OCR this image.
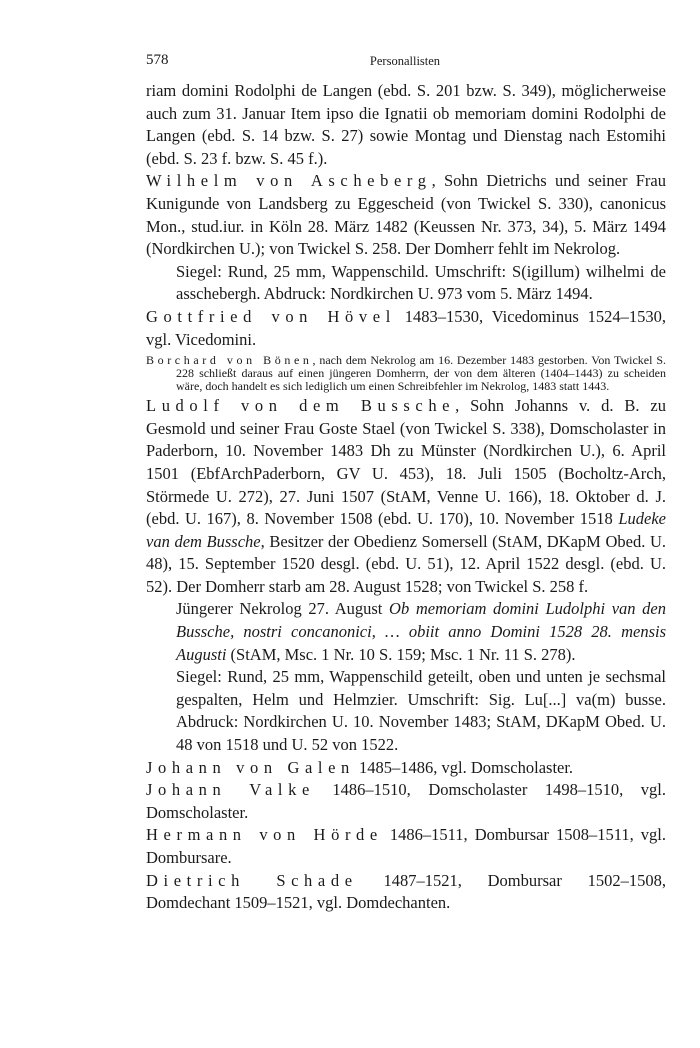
578	Personallisten

riam domini Rodolphi de Langen (ebd. S. 201 bzw. S. 349), möglicherweise auch zum 31. Januar Item ipso die Ignatii ob memoriam domini Rodolphi de Langen (ebd. S. 14 bzw. S. 27) sowie Montag und Dienstag nach Estomihi (ebd. S. 23 f. bzw. S. 45 f.).

Wilhelm von Ascheberg, Sohn Dietrichs und seiner Frau Kunigunde von Landsberg zu Eggescheid (von Twickel S. 330), canonicus Mon., stud.iur. in Köln 28. März 1482 (Keussen Nr. 373, 34), 5. März 1494 (Nordkirchen U.); von Twickel S. 258. Der Domherr fehlt im Nekrolog.
Siegel: Rund, 25 mm, Wappenschild. Umschrift: S(igillum) wilhelmi de asschebergh. Abdruck: Nordkirchen U. 973 vom 5. März 1494.
Gottfried von Hövel 1483–1530, Vicedominus 1524–1530, vgl. Vicedomini.
Borchard von Bönen, nach dem Nekrolog am 16. Dezember 1483 gestorben. Von Twickel S. 228 schließt daraus auf einen jüngeren Domherrn, der von dem älteren (1404–1443) zu scheiden wäre, doch handelt es sich lediglich um einen Schreibfehler im Nekrolog, 1483 statt 1443.
Ludolf von dem Bussche, Sohn Johanns v. d. B. zu Gesmold und seiner Frau Goste Stael (von Twickel S. 338), Domscholaster in Paderborn, 10. November 1483 Dh zu Münster (Nordkirchen U.), 6. April 1501 (EbfArchPaderborn, GV U. 453), 18. Juli 1505 (Bocholtz-Arch, Störmede U. 272), 27. Juni 1507 (StAM, Venne U. 166), 18. Oktober d. J. (ebd. U. 167), 8. November 1508 (ebd. U. 170), 10. November 1518 Ludeke van dem Bussche, Besitzer der Obedienz Somersell (StAM, DKapM Obed. U. 48), 15. September 1520 desgl. (ebd. U. 51), 12. April 1522 desgl. (ebd. U. 52). Der Domherr starb am 28. August 1528; von Twickel S. 258 f.
Jüngerer Nekrolog 27. August Ob memoriam domini Ludolphi van den Bussche, nostri concanonici, … obiit anno Domini 1528 28. mensis Augusti (StAM, Msc. 1 Nr. 10 S. 159; Msc. 1 Nr. 11 S. 278).
Siegel: Rund, 25 mm, Wappenschild geteilt, oben und unten je sechsmal gespalten, Helm und Helmzier. Umschrift: Sig. Lu[...] va(m) busse. Abdruck: Nordkirchen U. 10. November 1483; StAM, DKapM Obed. U. 48 von 1518 und U. 52 von 1522.
Johann von Galen 1485–1486, vgl. Domscholaster.
Johann Valke 1486–1510, Domscholaster 1498–1510, vgl. Domscholaster.
Hermann von Hörde 1486–1511, Dombursar 1508–1511, vgl. Dombursare.
Dietrich Schade 1487–1521, Dombursar 1502–1508, Domdechant 1509–1521, vgl. Domdechanten.
